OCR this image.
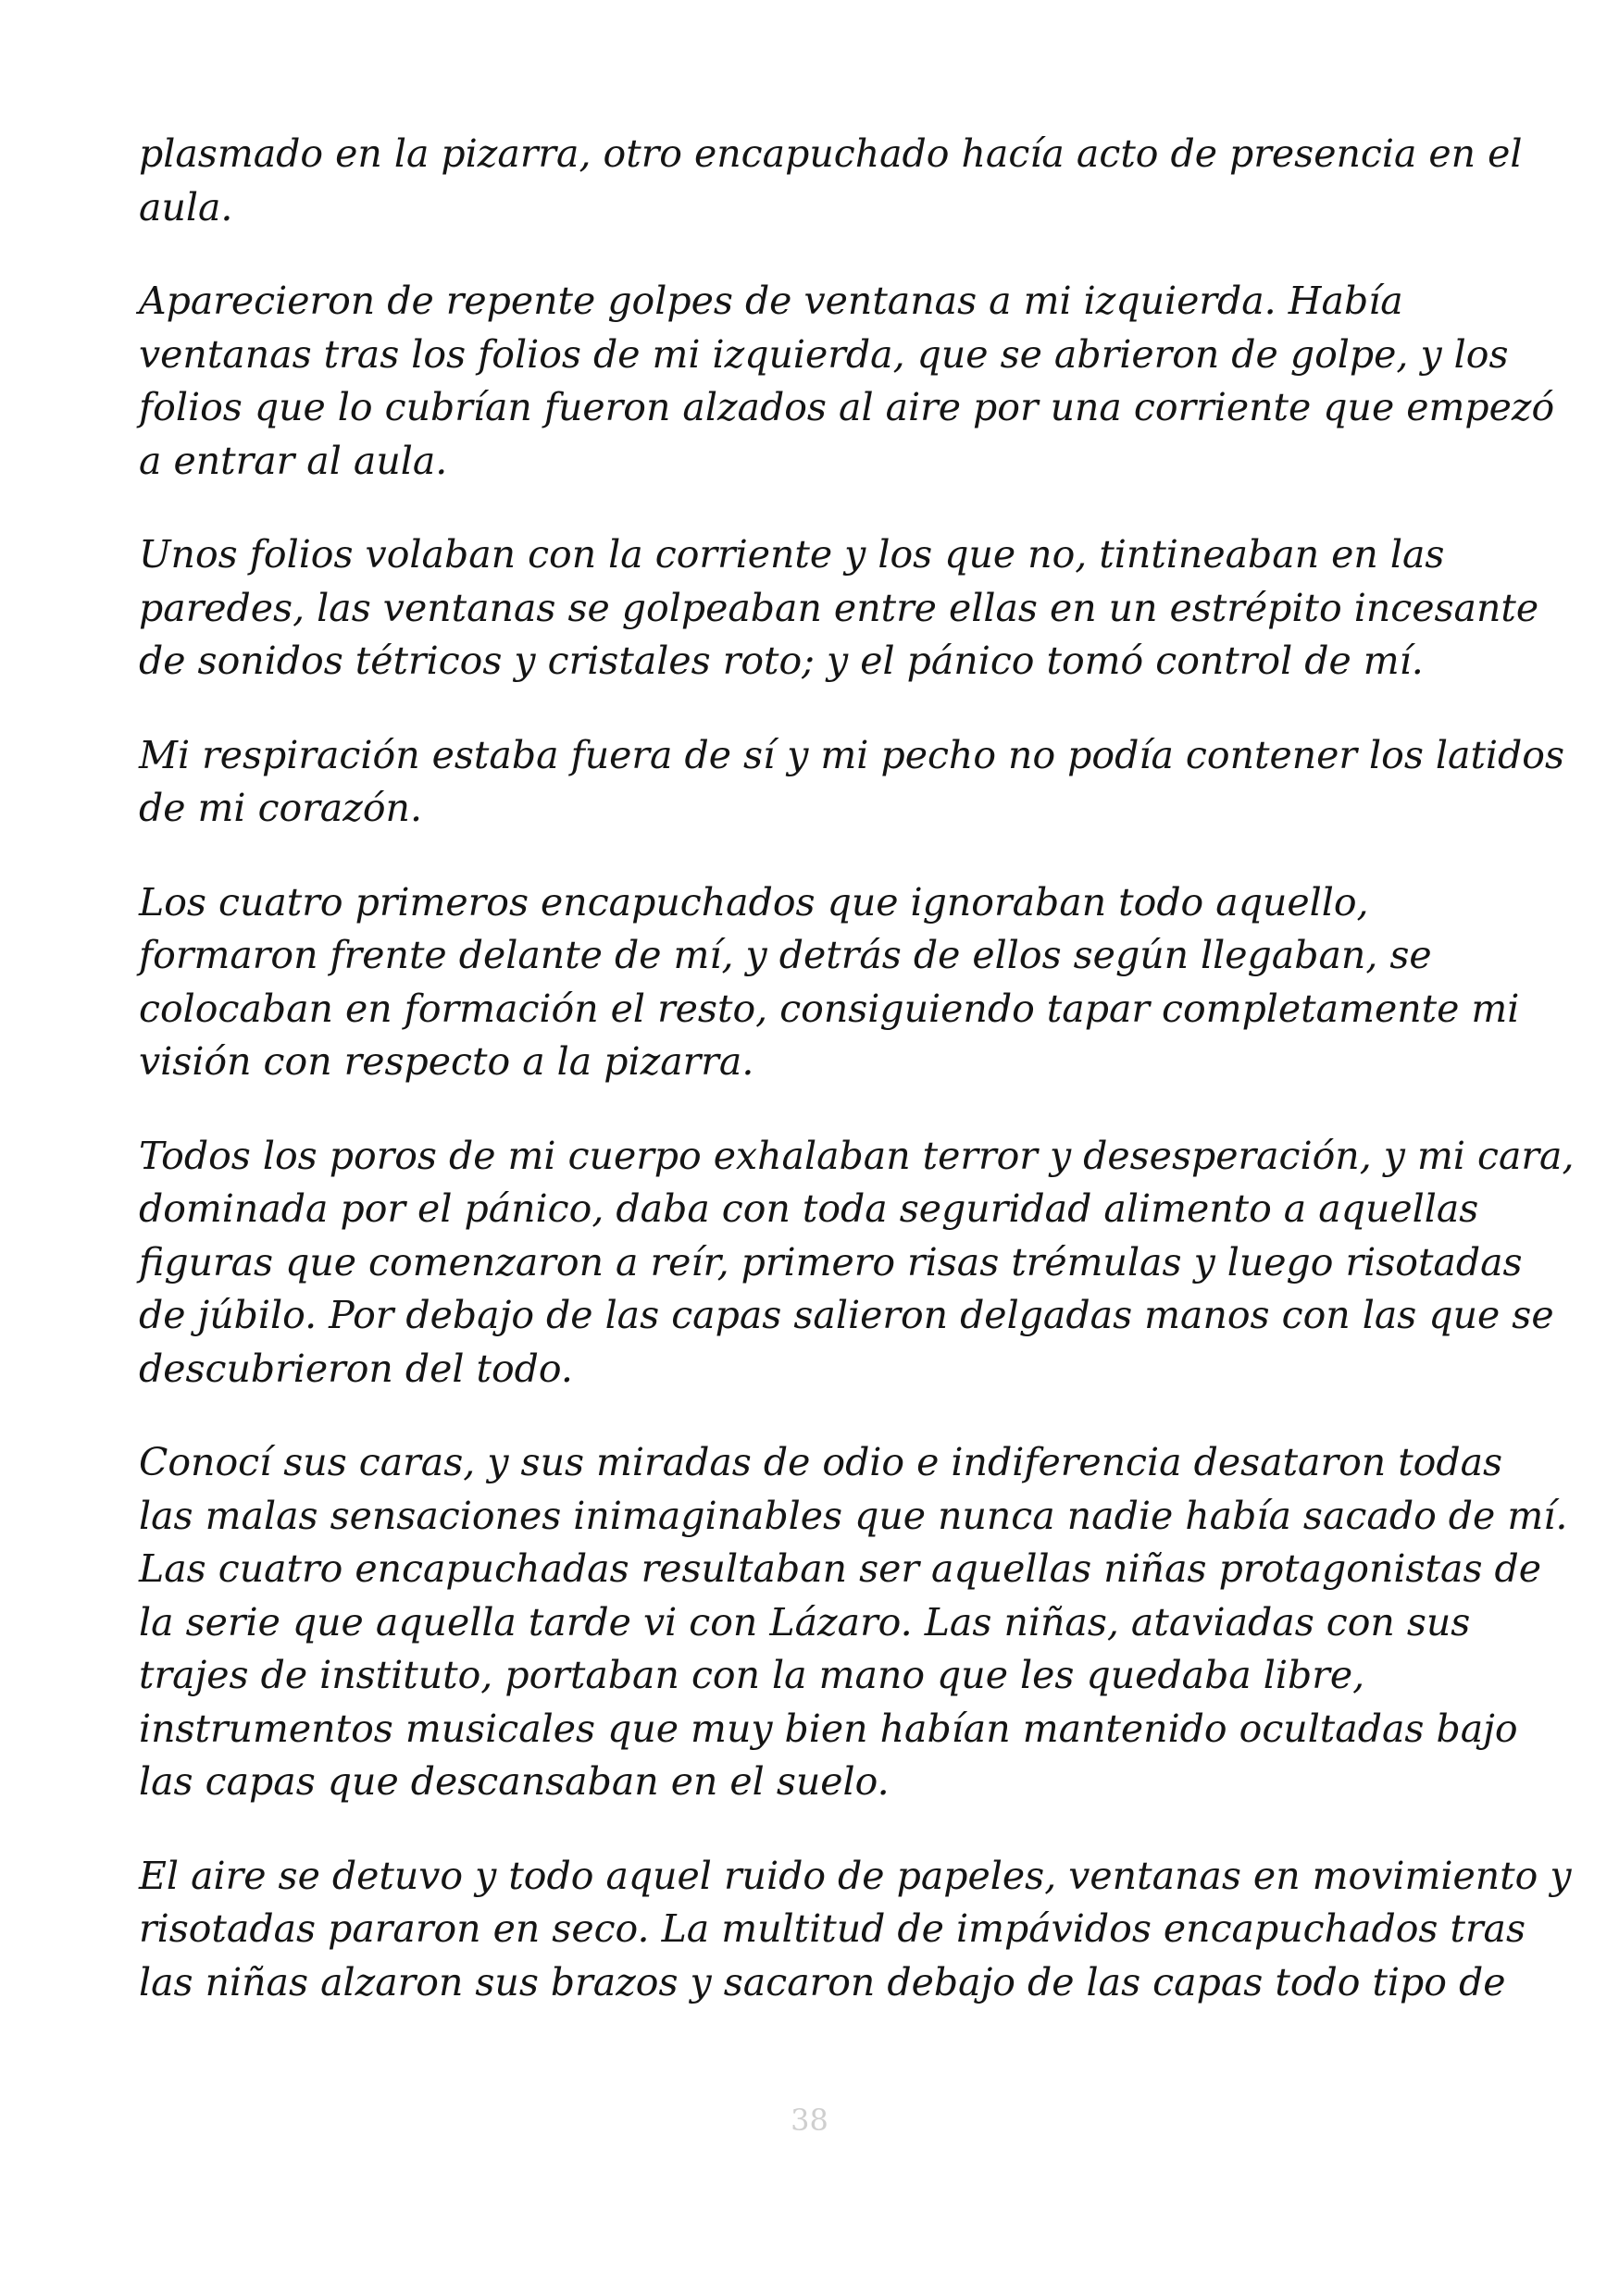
plasmado en la pizarra, otro encapuchado hacía acto de presencia en el
aula.

Aparecieron de repente golpes de ventanas a mi izquierda. Había
ventanas tras los folios de mi izquierda, que se abrieron de golpe, y los
folios que lo cubrían fueron alzados al aire por una corriente que empezó
a entrar al aula.

Unos folios volaban con la corriente y los que no, tintineaban en las
paredes, las ventanas se golpeaban entre ellas en un estrépito incesante
de sonidos tétricos y cristales roto; y el pánico tomó control de mí.

Mi respiración estaba fuera de sí y mi pecho no podía contener los latidos
de mi corazón.

Los cuatro primeros encapuchados que ignoraban todo aquello,
formaron frente delante de mí, y detrás de ellos según llegaban, se
colocaban en formación el resto, consiguiendo tapar completamente mi
visión con respecto a la pizarra.

Todos los poros de mi cuerpo exhalaban terror y desesperación, y mi cara,
dominada por el pánico, daba con toda seguridad alimento a aquellas
figuras que comenzaron a reír, primero risas trémulas y luego risotadas
de júbilo. Por debajo de las capas salieron delgadas manos con las que se
descubrieron del todo.

Conocí sus caras, y sus miradas de odio e indiferencia desataron todas
las malas sensaciones inimaginables que nunca nadie había sacado de mí.
Las cuatro encapuchadas resultaban ser aquellas niñas protagonistas de
la serie que aquella tarde vi con Lázaro. Las niñas, ataviadas con sus
trajes de instituto, portaban con la mano que les quedaba libre,
instrumentos musicales que muy bien habían mantenido ocultadas bajo
las capas que descansaban en el suelo.

El aire se detuvo y todo aquel ruido de papeles, ventanas en movimiento y
risotadas pararon en seco. La multitud de impávidos encapuchados tras
las niñas alzaron sus brazos y sacaron debajo de las capas todo tipo de

38
